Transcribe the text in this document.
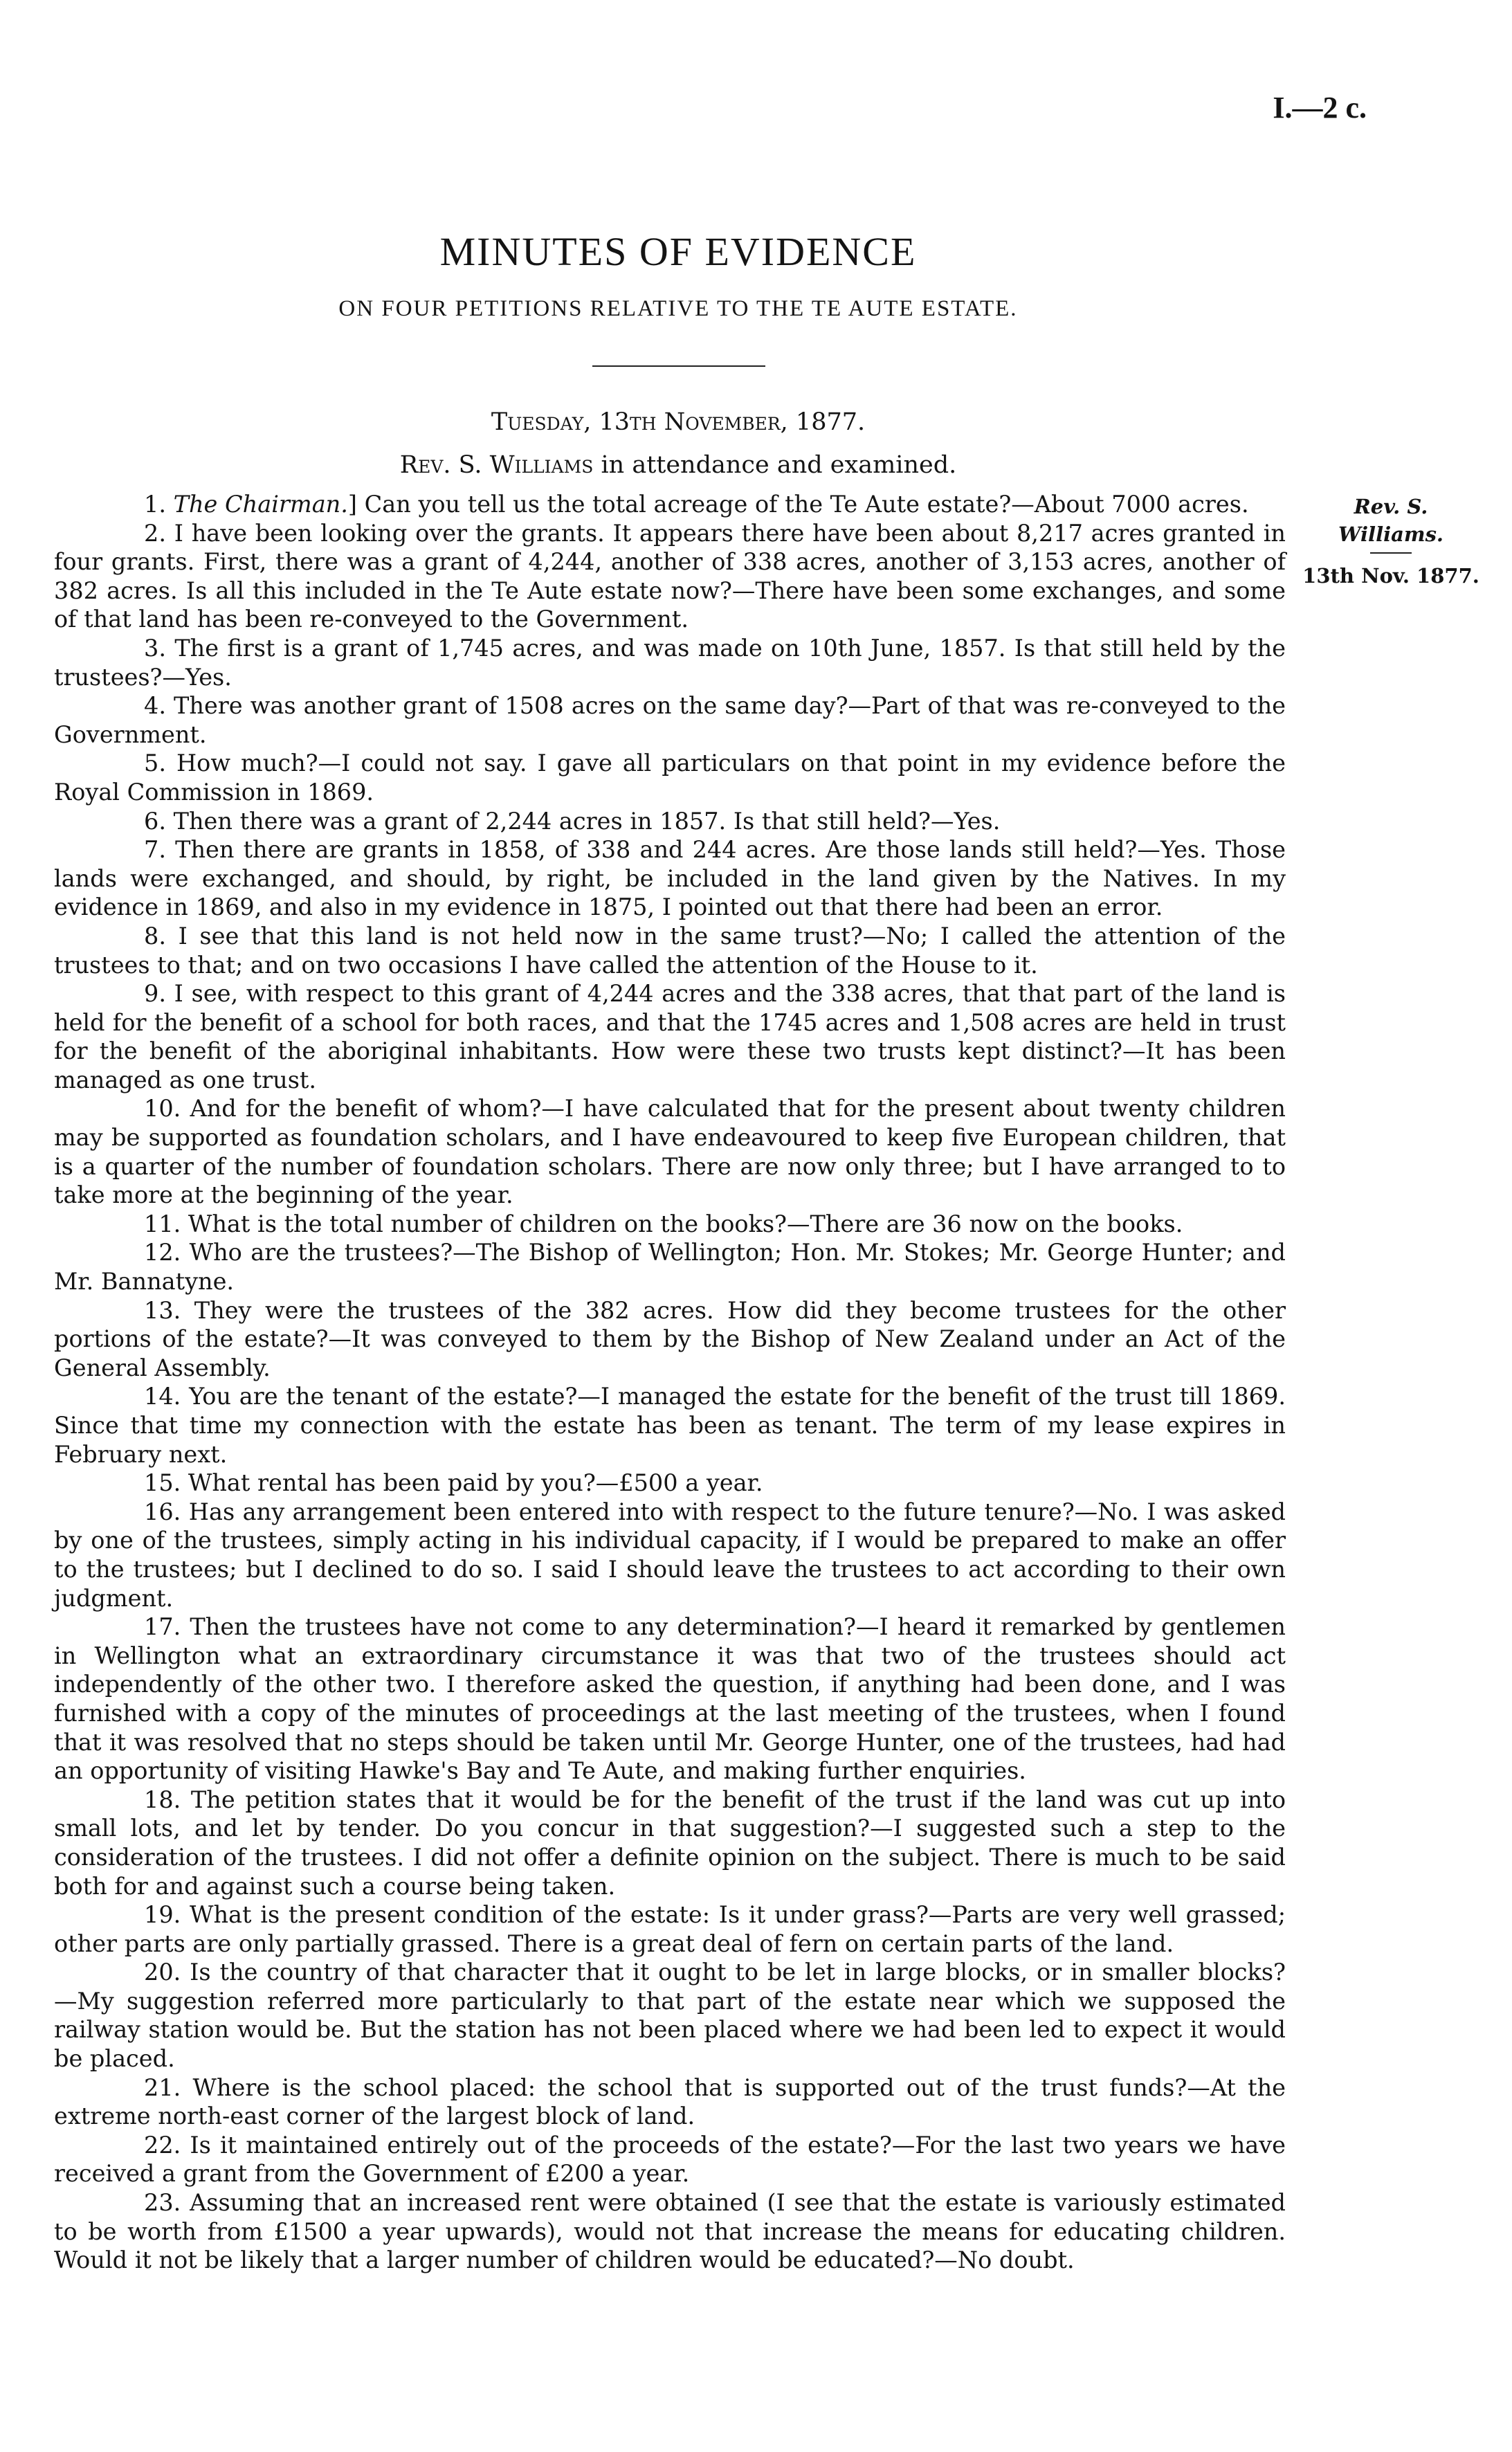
I.—2 c.
MINUTES OF EVIDENCE
ON FOUR PETITIONS RELATIVE TO THE TE AUTE ESTATE.
Tuesday, 13th November, 1877.
Rev. S. Williams in attendance and examined.
Rev. S. Williams.
13th Nov. 1877.

1. The Chairman.] Can you tell us the total acreage of the Te Aute estate?—About 7000 acres.

2. I have been looking over the grants. It appears there have been about 8,217 acres granted in four grants. First, there was a grant of 4,244, another of 338 acres, another of 3,153 acres, another of 382 acres. Is all this included in the Te Aute estate now?—There have been some exchanges, and some of that land has been re-conveyed to the Government.

3. The first is a grant of 1,745 acres, and was made on 10th June, 1857. Is that still held by the trustees?—Yes.

4. There was another grant of 1508 acres on the same day?—Part of that was re-conveyed to the Government.

5. How much?—I could not say. I gave all particulars on that point in my evidence before the Royal Commission in 1869.

6. Then there was a grant of 2,244 acres in 1857. Is that still held?—Yes.

7. Then there are grants in 1858, of 338 and 244 acres. Are those lands still held?—Yes. Those lands were exchanged, and should, by right, be included in the land given by the Natives. In my evidence in 1869, and also in my evidence in 1875, I pointed out that there had been an error.

8. I see that this land is not held now in the same trust?—No; I called the attention of the trustees to that; and on two occasions I have called the attention of the House to it.

9. I see, with respect to this grant of 4,244 acres and the 338 acres, that that part of the land is held for the benefit of a school for both races, and that the 1745 acres and 1,508 acres are held in trust for the benefit of the aboriginal inhabitants. How were these two trusts kept distinct?—It has been managed as one trust.

10. And for the benefit of whom?—I have calculated that for the present about twenty children may be supported as foundation scholars, and I have endeavoured to keep five European children, that is a quarter of the number of foundation scholars. There are now only three; but I have arranged to to take more at the beginning of the year.

11. What is the total number of children on the books?—There are 36 now on the books.

12. Who are the trustees?—The Bishop of Wellington; Hon. Mr. Stokes; Mr. George Hunter; and Mr. Bannatyne.

13. They were the trustees of the 382 acres. How did they become trustees for the other portions of the estate?—It was conveyed to them by the Bishop of New Zealand under an Act of the General Assembly.

14. You are the tenant of the estate?—I managed the estate for the benefit of the trust till 1869. Since that time my connection with the estate has been as tenant. The term of my lease expires in February next.

15. What rental has been paid by you?—£500 a year.

16. Has any arrangement been entered into with respect to the future tenure?—No. I was asked by one of the trustees, simply acting in his individual capacity, if I would be prepared to make an offer to the trustees; but I declined to do so. I said I should leave the trustees to act according to their own judgment.

17. Then the trustees have not come to any determination?—I heard it remarked by gentlemen in Wellington what an extraordinary circumstance it was that two of the trustees should act independently of the other two. I therefore asked the question, if anything had been done, and I was furnished with a copy of the minutes of proceedings at the last meeting of the trustees, when I found that it was resolved that no steps should be taken until Mr. George Hunter, one of the trustees, had had an opportunity of visiting Hawke's Bay and Te Aute, and making further enquiries.

18. The petition states that it would be for the benefit of the trust if the land was cut up into small lots, and let by tender. Do you concur in that suggestion?—I suggested such a step to the consideration of the trustees. I did not offer a definite opinion on the subject. There is much to be said both for and against such a course being taken.

19. What is the present condition of the estate: Is it under grass?—Parts are very well grassed; other parts are only partially grassed. There is a great deal of fern on certain parts of the land.

20. Is the country of that character that it ought to be let in large blocks, or in smaller blocks? —My suggestion referred more particularly to that part of the estate near which we supposed the railway station would be. But the station has not been placed where we had been led to expect it would be placed.

21. Where is the school placed: the school that is supported out of the trust funds?—At the extreme north-east corner of the largest block of land.

22. Is it maintained entirely out of the proceeds of the estate?—For the last two years we have received a grant from the Government of £200 a year.

23. Assuming that an increased rent were obtained (I see that the estate is variously estimated to be worth from £1500 a year upwards), would not that increase the means for educating children. Would it not be likely that a larger number of children would be educated?—No doubt.
